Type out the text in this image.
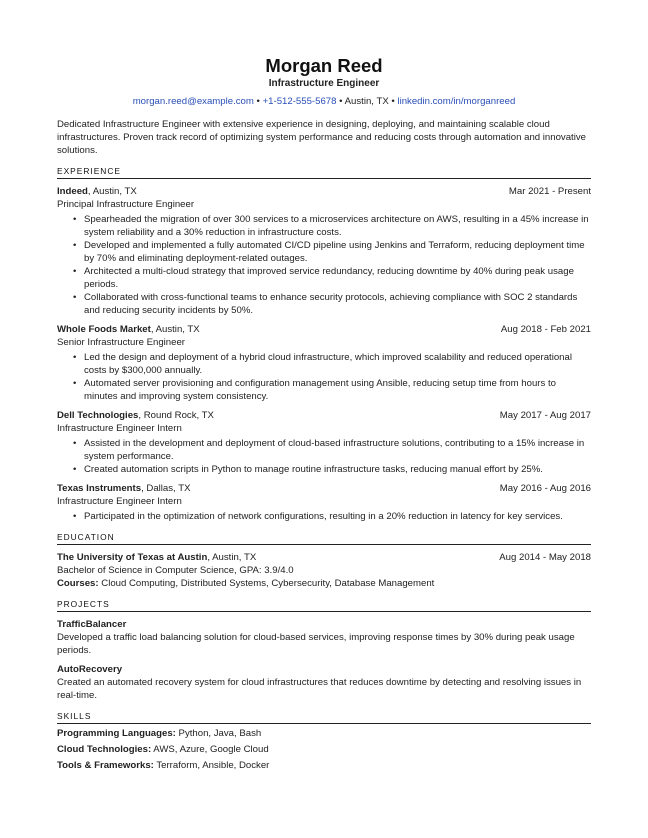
Morgan Reed
Infrastructure Engineer
morgan.reed@example.com • +1-512-555-5678 • Austin, TX • linkedin.com/in/morganreed
Dedicated Infrastructure Engineer with extensive experience in designing, deploying, and maintaining scalable cloud infrastructures. Proven track record of optimizing system performance and reducing costs through automation and innovative solutions.
EXPERIENCE
Indeed, Austin, TX	Mar 2021 - Present
Principal Infrastructure Engineer
• Spearheaded the migration of over 300 services to a microservices architecture on AWS, resulting in a 45% increase in system reliability and a 30% reduction in infrastructure costs.
• Developed and implemented a fully automated CI/CD pipeline using Jenkins and Terraform, reducing deployment time by 70% and eliminating deployment-related outages.
• Architected a multi-cloud strategy that improved service redundancy, reducing downtime by 40% during peak usage periods.
• Collaborated with cross-functional teams to enhance security protocols, achieving compliance with SOC 2 standards and reducing security incidents by 50%.
Whole Foods Market, Austin, TX	Aug 2018 - Feb 2021
Senior Infrastructure Engineer
• Led the design and deployment of a hybrid cloud infrastructure, which improved scalability and reduced operational costs by $300,000 annually.
• Automated server provisioning and configuration management using Ansible, reducing setup time from hours to minutes and improving system consistency.
Dell Technologies, Round Rock, TX	May 2017 - Aug 2017
Infrastructure Engineer Intern
• Assisted in the development and deployment of cloud-based infrastructure solutions, contributing to a 15% increase in system performance.
• Created automation scripts in Python to manage routine infrastructure tasks, reducing manual effort by 25%.
Texas Instruments, Dallas, TX	May 2016 - Aug 2016
Infrastructure Engineer Intern
• Participated in the optimization of network configurations, resulting in a 20% reduction in latency for key services.
EDUCATION
The University of Texas at Austin, Austin, TX	Aug 2014 - May 2018
Bachelor of Science in Computer Science, GPA: 3.9/4.0
Courses: Cloud Computing, Distributed Systems, Cybersecurity, Database Management
PROJECTS
TrafficBalancer
Developed a traffic load balancing solution for cloud-based services, improving response times by 30% during peak usage periods.
AutoRecovery
Created an automated recovery system for cloud infrastructures that reduces downtime by detecting and resolving issues in real-time.
SKILLS
Programming Languages: Python, Java, Bash
Cloud Technologies: AWS, Azure, Google Cloud
Tools & Frameworks: Terraform, Ansible, Docker
